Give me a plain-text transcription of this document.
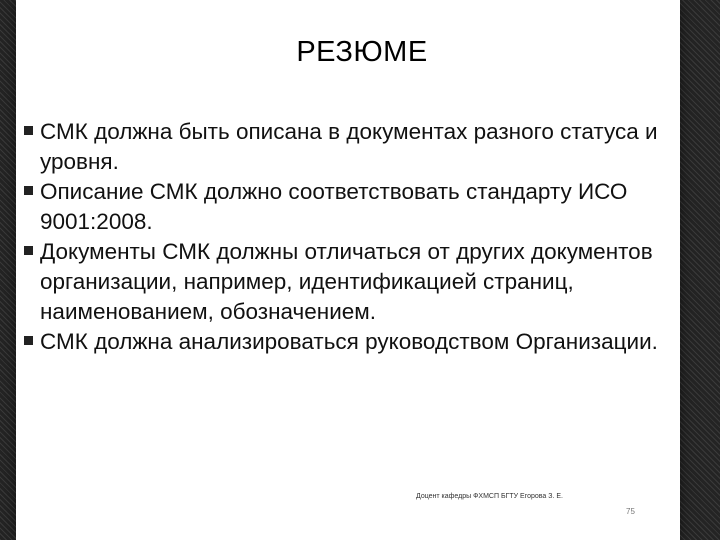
РЕЗЮМЕ
СМК должна быть описана в документах разного статуса и уровня.
Описание СМК должно соответствовать стандарту ИСО 9001:2008.
Документы СМК должны отличаться от других документов организации, например, идентификацией страниц, наименованием, обозначением.
СМК должна анализироваться руководством Организации.
Доцент кафедры ФХМСП БГТУ Егорова З. Е.
75
